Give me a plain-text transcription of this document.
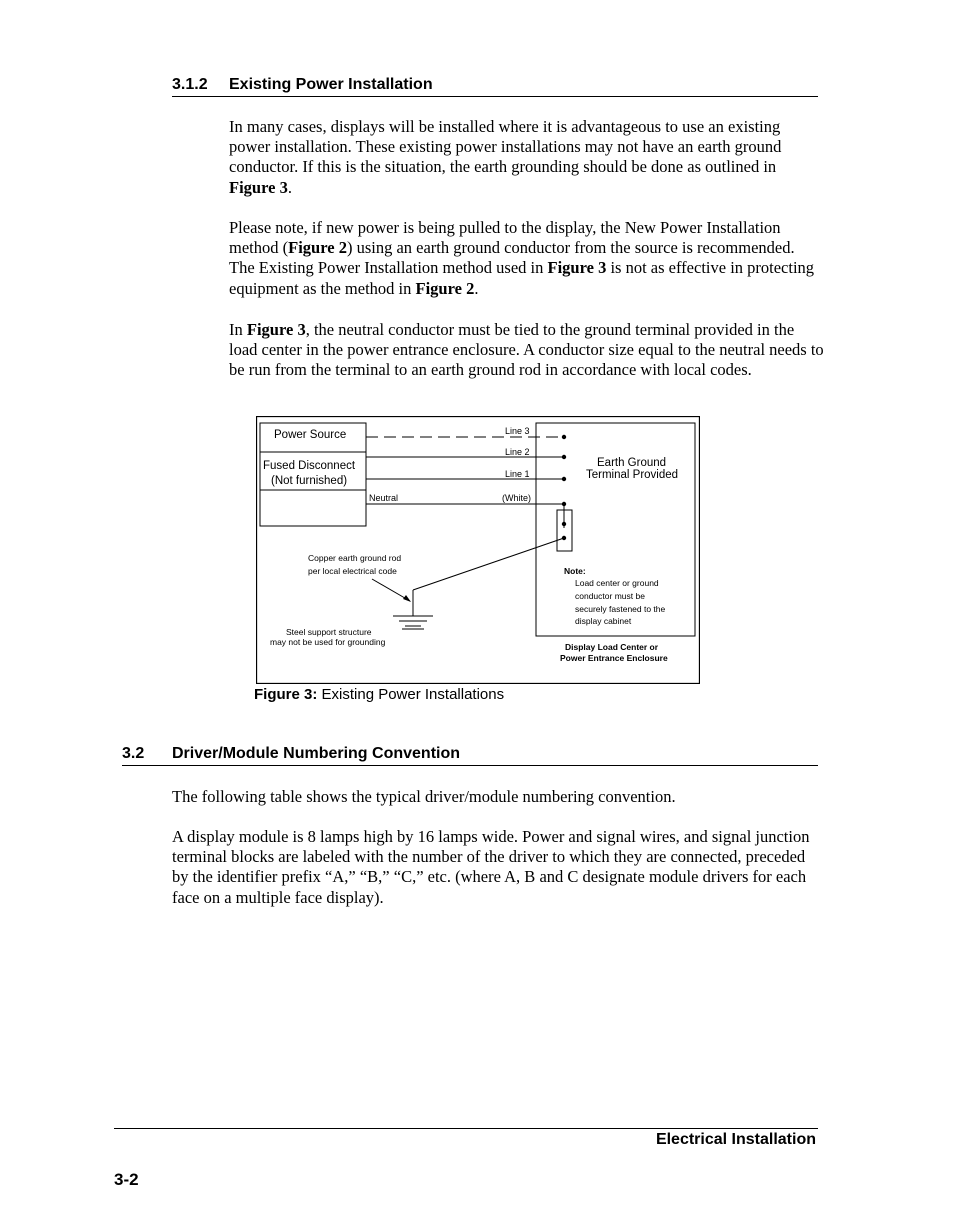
3.1.2 Existing Power Installation

In many cases, displays will be installed where it is advantageous to use an existing power installation. These existing power installations may not have an earth ground conductor. If this is the situation, the earth grounding should be done as outlined in Figure 3.

Please note, if new power is being pulled to the display, the New Power Installation method (Figure 2) using an earth ground conductor from the source is recommended. The Existing Power Installation method used in Figure 3 is not as effective in protecting equipment as the method in Figure 2.

In Figure 3, the neutral conductor must be tied to the ground terminal provided in the load center in the power entrance enclosure. A conductor size equal to the neutral needs to be run from the terminal to an earth ground rod in accordance with local codes.

Power Source
Fused Disconnect
(Not furnished)
Line 3
Line 2
Line 1
Neutral	(White)
Earth Ground
Terminal Provided
Copper earth ground rod
per local electrical code
Steel support structure
may not be used for grounding
Note:
Load center or ground
conductor must be
securely fastened to the
display cabinet
Display Load Center or
Power Entrance Enclosure
Figure 3: Existing Power Installations
3.2 Driver/Module Numbering Convention

The following table shows the typical driver/module numbering convention.

A display module is 8 lamps high by 16 lamps wide. Power and signal wires, and signal junction terminal blocks are labeled with the number of the driver to which they are connected, preceded by the identifier prefix “A,” “B,” “C,” etc. (where A, B and C designate module drivers for each face on a multiple face display).

Electrical Installation
3-2
